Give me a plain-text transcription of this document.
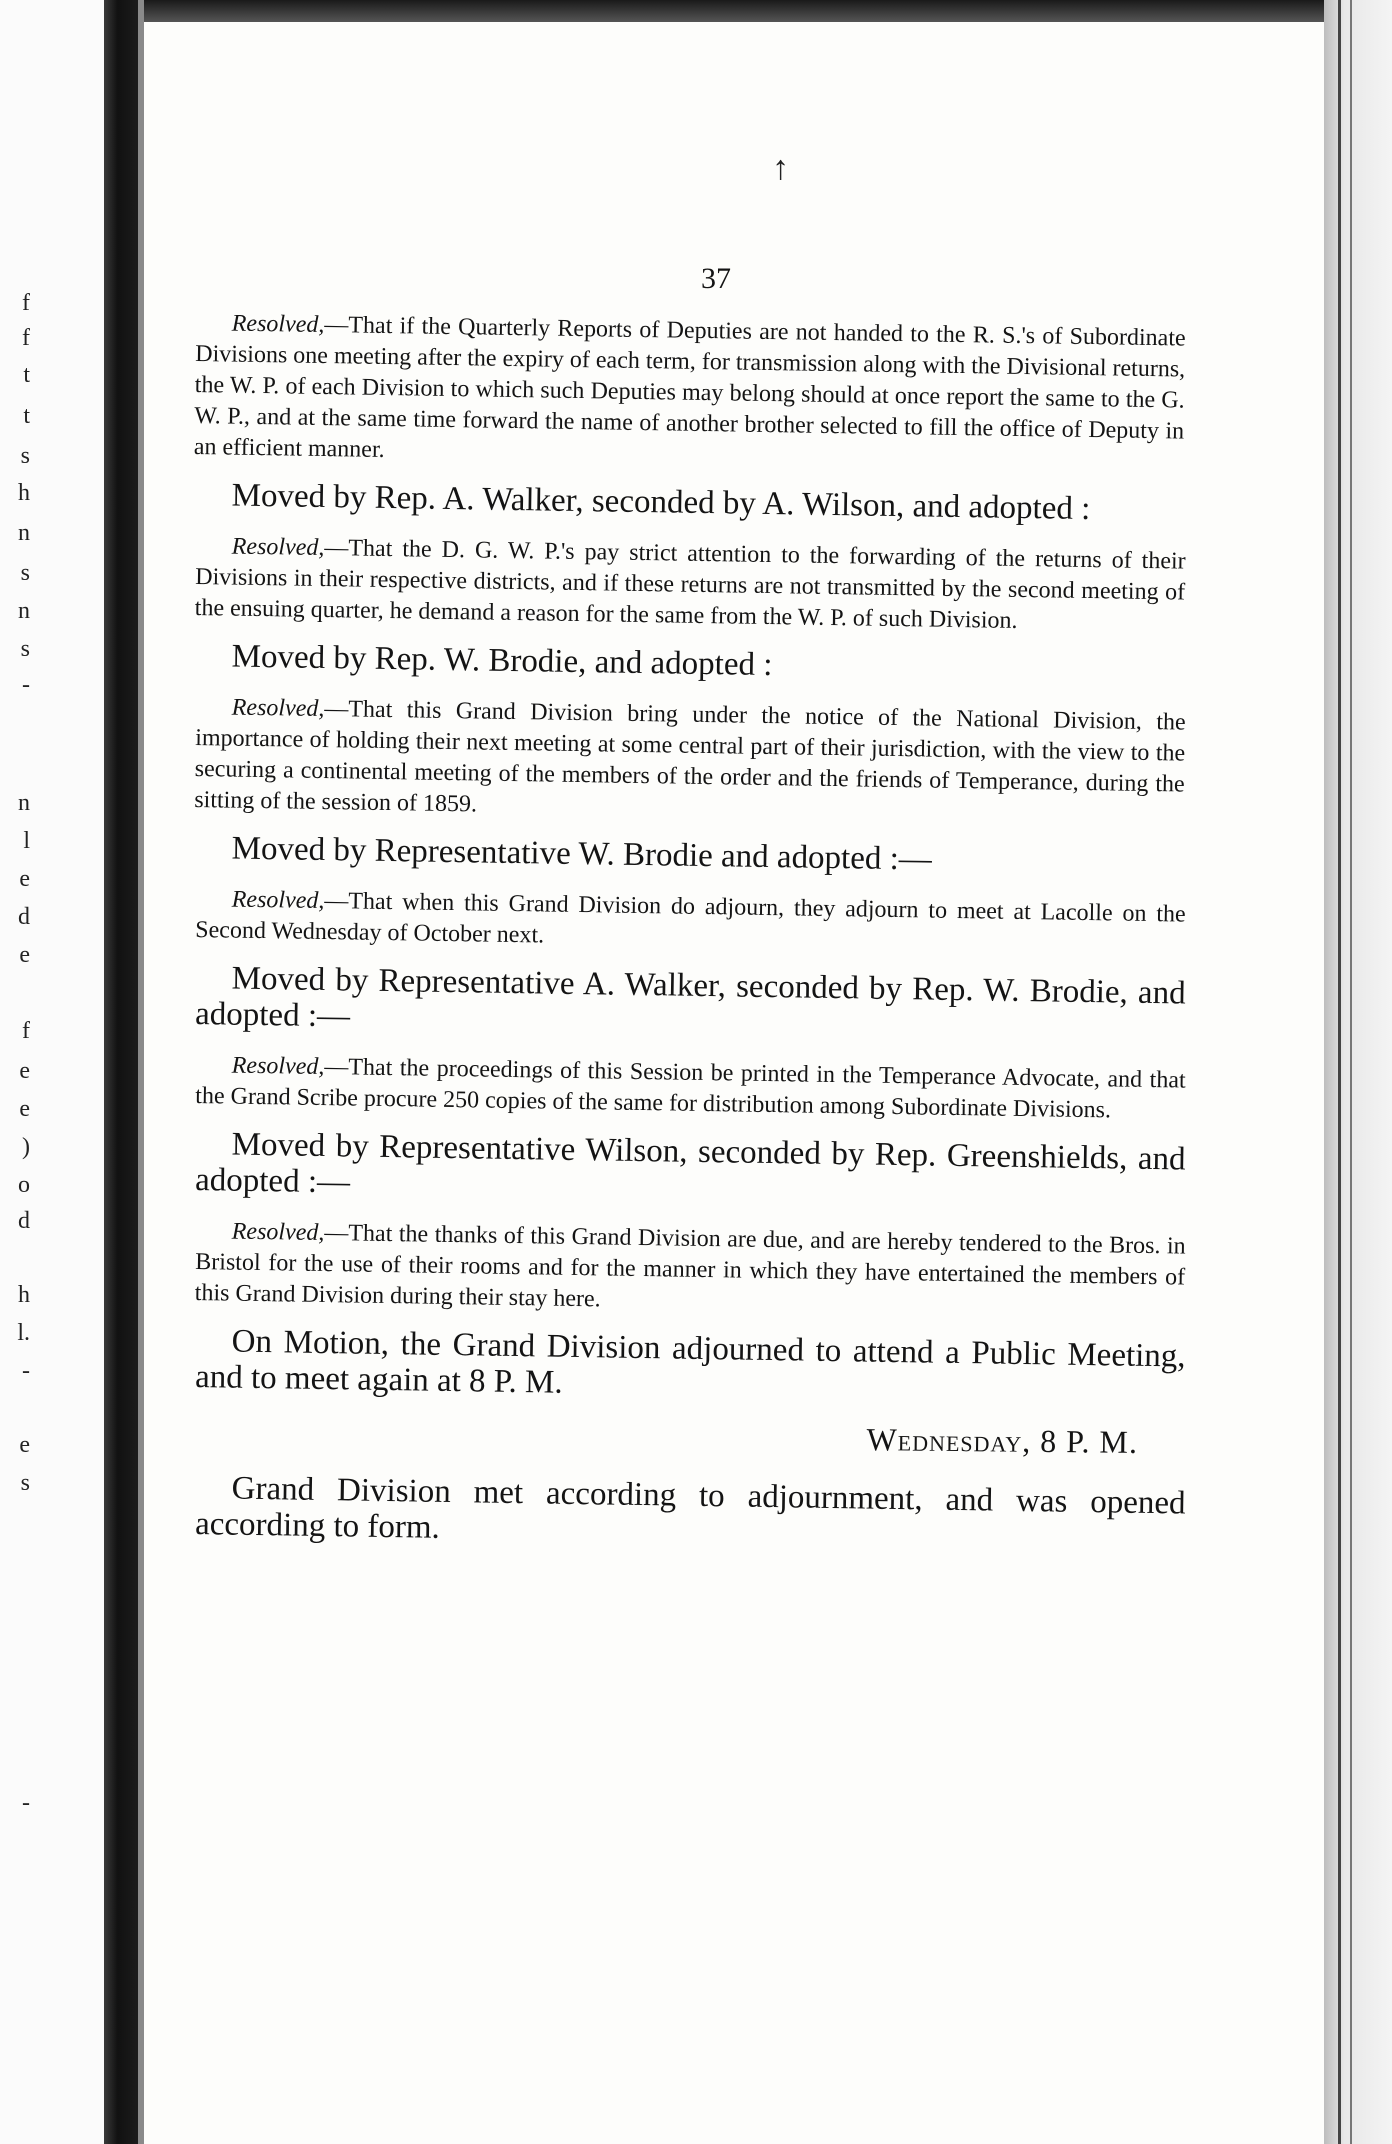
f
f
t
t
s
h
n
s
n
s
-
n
l
e
d
e
f
e
e
)
o
d
h
l.
-
e
s
-
↑
37

Resolved,—That if the Quarterly Reports of Deputies are not handed to the R. S.'s of Subordinate Divisions one meeting after the expiry of each term, for transmission along with the Divisional returns, the W. P. of each Division to which such Deputies may belong should at once report the same to the G. W. P., and at the same time forward the name of another brother selected to fill the office of Deputy in an efficient manner.

Moved by Rep. A. Walker, seconded by A. Wilson, and adopted :

Resolved,—That the D. G. W. P.'s pay strict attention to the forwarding of the returns of their Divisions in their respective districts, and if these returns are not transmitted by the second meeting of the ensuing quarter, he demand a reason for the same from the W. P. of such Division.

Moved by Rep. W. Brodie, and adopted :

Resolved,—That this Grand Division bring under the notice of the National Division, the importance of holding their next meeting at some central part of their jurisdiction, with the view to the securing a continental meeting of the members of the order and the friends of Temperance, during the sitting of the session of 1859.

Moved by Representative W. Brodie and adopted :—

Resolved,—That when this Grand Division do adjourn, they adjourn to meet at Lacolle on the Second Wednesday of October next.

Moved by Representative A. Walker, seconded by Rep. W. Brodie, and adopted :—

Resolved,—That the proceedings of this Session be printed in the Temperance Advocate, and that the Grand Scribe procure 250 copies of the same for distribution among Subordinate Divisions.

Moved by Representative Wilson, seconded by Rep. Greenshields, and adopted :—

Resolved,—That the thanks of this Grand Division are due, and are hereby tendered to the Bros. in Bristol for the use of their rooms and for the manner in which they have entertained the members of this Grand Division during their stay here.

On Motion, the Grand Division adjourned to attend a Public Meeting, and to meet again at 8 P. M.

Wednesday, 8 P. M.

Grand Division met according to adjournment, and was opened according to form.
